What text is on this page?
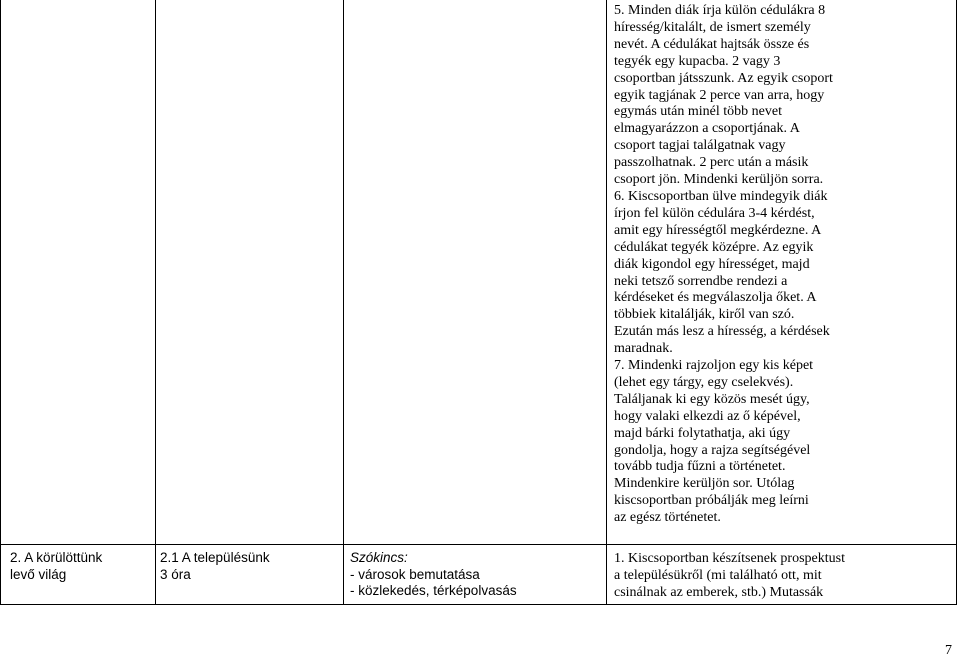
5. Minden diák írja külön cédulákra 8
híresség/kitalált, de ismert személy
nevét. A cédulákat hajtsák össze és
tegyék egy kupacba. 2 vagy 3
csoportban játsszunk. Az egyik csoport
egyik tagjának 2 perce van arra, hogy
egymás után minél több nevet
elmagyarázzon a csoportjának. A
csoport tagjai találgatnak vagy
passzolhatnak. 2 perc után a másik
csoport jön. Mindenki kerüljön sorra.
6. Kiscsoportban ülve mindegyik diák
írjon fel külön cédulára 3-4 kérdést,
amit egy hírességtől megkérdezne. A
cédulákat tegyék középre. Az egyik
diák kigondol egy hírességet, majd
neki tetsző sorrendbe rendezi a
kérdéseket és megválaszolja őket. A
többiek kitalálják, kiről van szó.
Ezután más lesz a híresség, a kérdések
maradnak.
7. Mindenki rajzoljon egy kis képet
(lehet egy tárgy, egy cselekvés).
Találjanak ki egy közös mesét úgy,
hogy valaki elkezdi az ő képével,
majd bárki folytathatja, aki úgy
gondolja, hogy a rajza segítségével
tovább tudja fűzni a történetet.
Mindenkire kerüljön sor. Utólag
kiscsoportban próbálják meg leírni
az egész történetet.
2. A körülöttünk
levő világ
2.1 A településünk
3 óra
Szókincs:
- városok bemutatása
- közlekedés, térképolvasás
1. Kiscsoportban készítsenek prospektust
a településükről (mi található ott, mit
csinálnak az emberek, stb.) Mutassák
7
